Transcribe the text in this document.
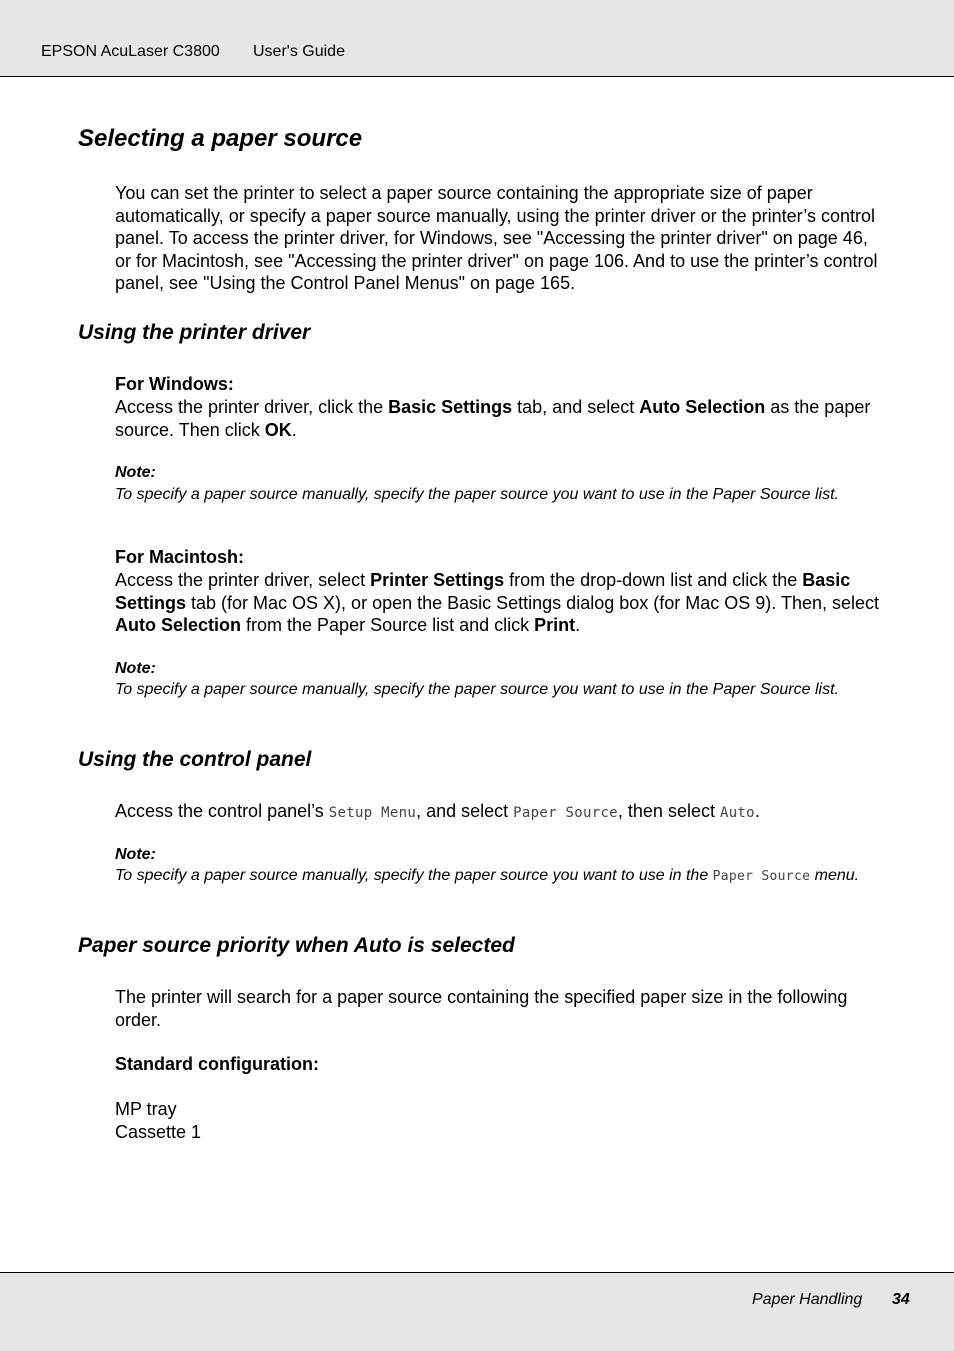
EPSON AcuLaser C3800 User's Guide
Selecting a paper source

You can set the printer to select a paper source containing the appropriate size of paper automatically, or specify a paper source manually, using the printer driver or the printer’s control panel. To access the printer driver, for Windows, see "Accessing the printer driver" on page 46, or for Macintosh, see "Accessing the printer driver" on page 106. And to use the printer’s control panel, see "Using the Control Panel Menus" on page 165.

Using the printer driver

For Windows:

Access the printer driver, click the Basic Settings tab, and select Auto Selection as the paper source. Then click OK.

Note:

To specify a paper source manually, specify the paper source you want to use in the Paper Source list.

For Macintosh:

Access the printer driver, select Printer Settings from the drop-down list and click the Basic Settings tab (for Mac OS X), or open the Basic Settings dialog box (for Mac OS 9). Then, select Auto Selection from the Paper Source list and click Print.

Note:

To specify a paper source manually, specify the paper source you want to use in the Paper Source list.

Using the control panel

Access the control panel’s Setup Menu, and select Paper Source, then select Auto.

Note:

To specify a paper source manually, specify the paper source you want to use in the Paper Source menu.

Paper source priority when Auto is selected

The printer will search for a paper source containing the specified paper size in the following order.

Standard configuration:

MP tray

Cassette 1

Paper Handling 34
